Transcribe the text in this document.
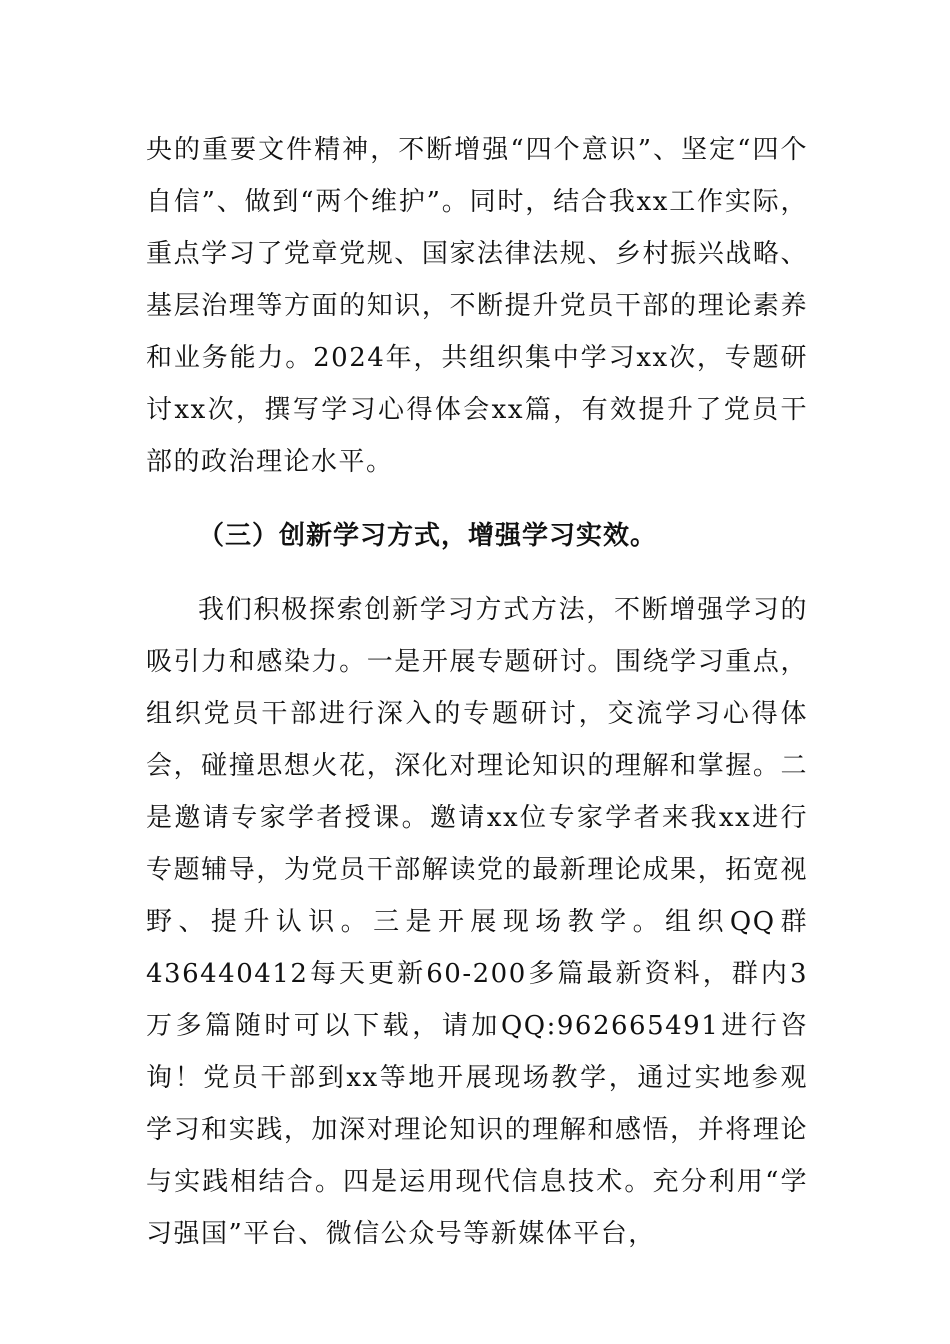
央的重要文件精神，不断增强“四个意识”、坚定“四个自信”、做到“两个维护”。同时，结合我xx工作实际，重点学习了党章党规、国家法律法规、乡村振兴战略、基层治理等方面的知识，不断提升党员干部的理论素养和业务能力。2024年，共组织集中学习xx次，专题研讨xx次，撰写学习心得体会xx篇，有效提升了党员干部的政治理论水平。

（三）创新学习方式，增强学习实效。

我们积极探索创新学习方式方法，不断增强学习的吸引力和感染力。一是开展专题研讨。围绕学习重点，组织党员干部进行深入的专题研讨，交流学习心得体会，碰撞思想火花，深化对理论知识的理解和掌握。二是邀请专家学者授课。邀请xx位专家学者来我xx进行专题辅导，为党员干部解读党的最新理论成果，拓宽视野、提升认识。三是开展现场教学。组织QQ群436440412每天更新60-200多篇最新资料，群内3万多篇随时可以下载，请加QQ:962665491进行咨询！党员干部到xx等地开展现场教学，通过实地参观学习和实践，加深对理论知识的理解和感悟，并将理论与实践相结合。四是运用现代信息技术。充分利用“学习强国”平台、微信公众号等新媒体平台，
